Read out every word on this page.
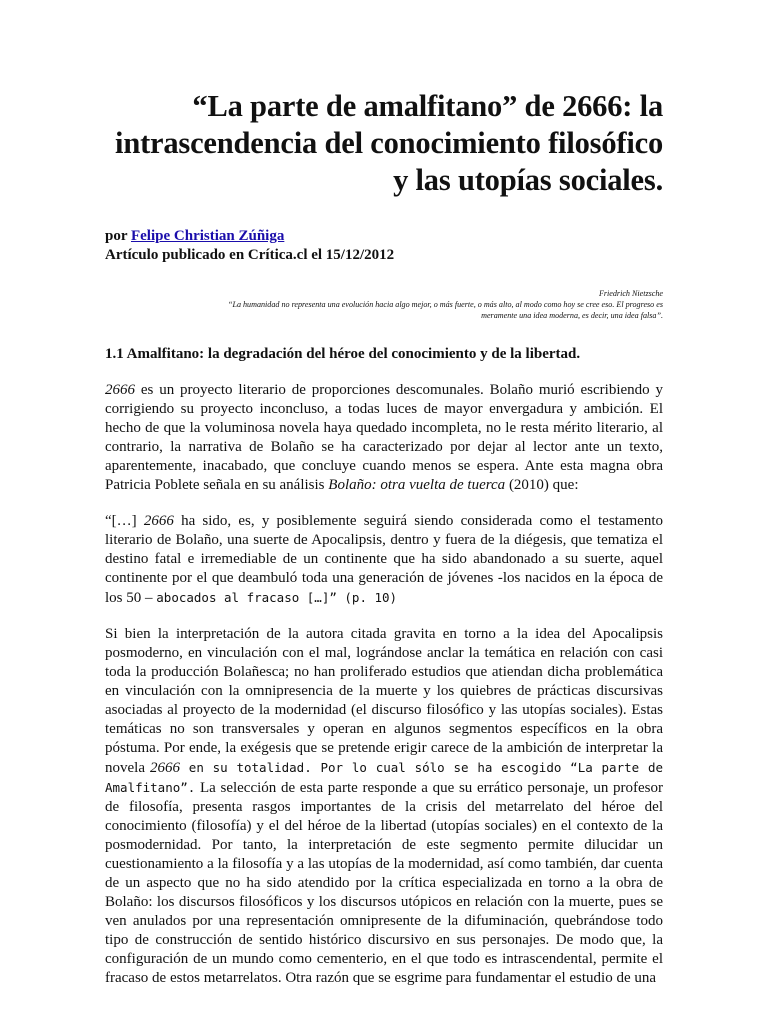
“La parte de amalfitano” de 2666: la
intrascendencia del conocimiento filosófico
y las utopías sociales.
por Felipe Christian Zúñiga
Artículo publicado en Crítica.cl el 15/12/2012
Friedrich Nietzsche
“La humanidad no representa una evolución hacia algo mejor, o más fuerte, o más alto, al modo como hoy se cree eso. El progreso es
meramente una idea moderna, es decir, una idea falsa”.
1.1 Amalfitano: la degradación del héroe del conocimiento y de la libertad.
2666 es un proyecto literario de proporciones descomunales. Bolaño murió escribiendo y corrigiendo su proyecto inconcluso, a todas luces de mayor envergadura y ambición. El hecho de que la voluminosa novela haya quedado incompleta, no le resta mérito literario, al contrario, la narrativa de Bolaño se ha caracterizado por dejar al lector ante un texto, aparentemente, inacabado, que concluye cuando menos se espera. Ante esta magna obra Patricia Poblete señala en su análisis Bolaño: otra vuelta de tuerca (2010) que:
“[…] 2666 ha sido, es, y posiblemente seguirá siendo considerada como el testamento literario de Bolaño, una suerte de Apocalipsis, dentro y fuera de la diégesis, que tematiza el destino fatal e irremediable de un continente que ha sido abandonado a su suerte, aquel continente por el que deambuló toda una generación de jóvenes -los nacidos en la época de los 50 – abocados al fracaso […]” (p. 10)
Si bien la interpretación de la autora citada gravita en torno a la idea del Apocalipsis posmoderno, en vinculación con el mal, lográndose anclar la temática en relación con casi toda la producción Bolañesca; no han proliferado estudios que atiendan dicha problemática en vinculación con la omnipresencia de la muerte y los quiebres de prácticas discursivas asociadas al proyecto de la modernidad (el discurso filosófico y las utopías sociales). Estas temáticas no son transversales y operan en algunos segmentos específicos en la obra póstuma. Por ende, la exégesis que se pretende erigir carece de la ambición de interpretar la novela 2666 en su totalidad. Por lo cual sólo se ha escogido “La parte de Amalfitano”. La selección de esta parte responde a que su errático personaje, un profesor de filosofía, presenta rasgos importantes de la crisis del metarrelato del héroe del conocimiento (filosofía) y el del héroe de la libertad (utopías sociales) en el contexto de la posmodernidad. Por tanto, la interpretación de este segmento permite dilucidar un cuestionamiento a la filosofía y a las utopías de la modernidad, así como también, dar cuenta de un aspecto que no ha sido atendido por la crítica especializada en torno a la obra de Bolaño: los discursos filosóficos y los discursos utópicos en relación con la muerte, pues se ven anulados por una representación omnipresente de la difuminación, quebrándose todo tipo de construcción de sentido histórico discursivo en sus personajes. De modo que, la configuración de un mundo como cementerio, en el que todo es intrascendental, permite el fracaso de estos metarrelatos. Otra razón que se esgrime para fundamentar el estudio de una
